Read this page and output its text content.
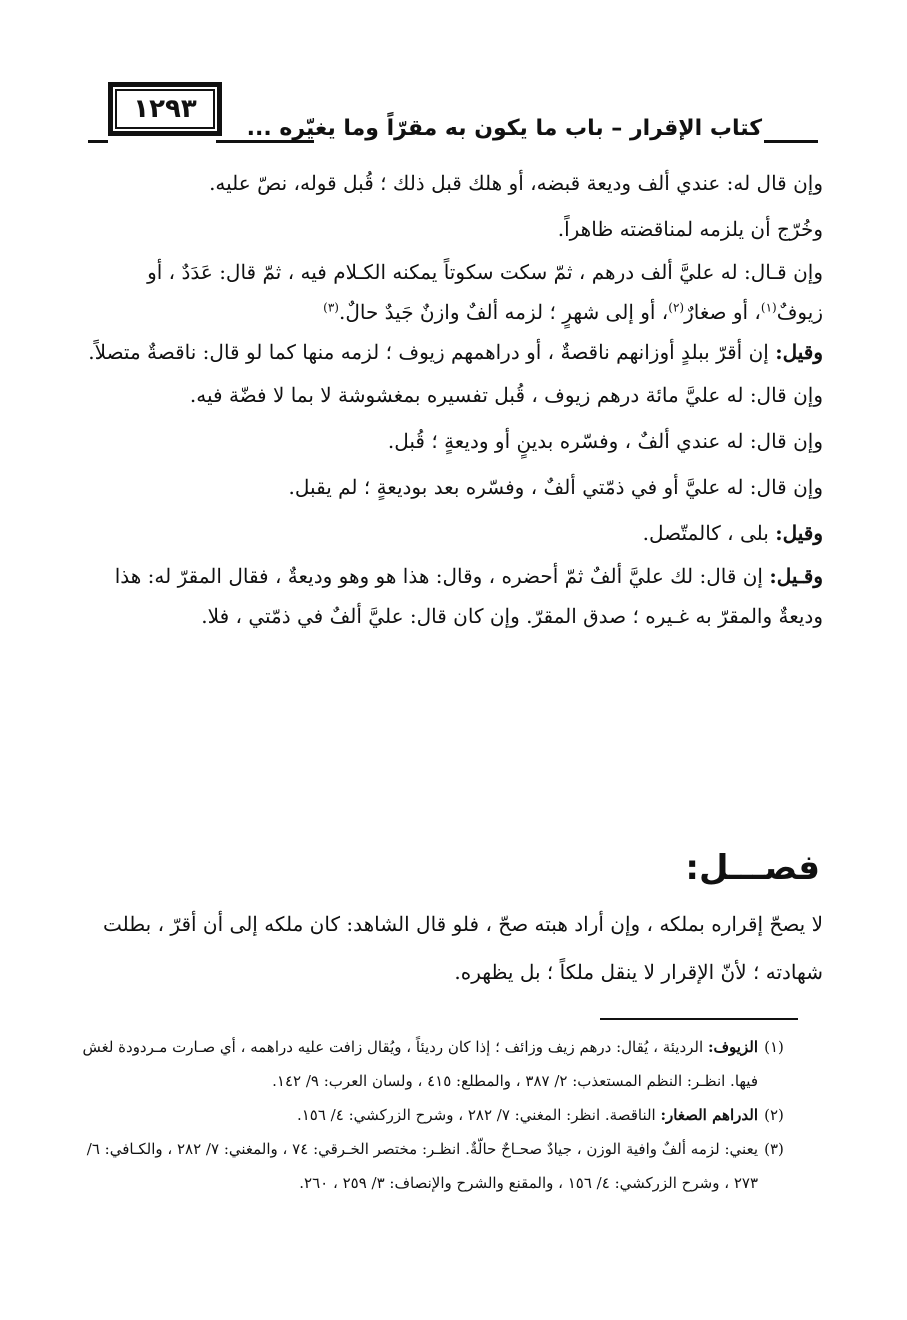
١٢٩٣
كتاب الإقرار – باب ما يكون به مقرّاً وما يغيّره ...

وإن قال له: عندي ألف وديعة قبضه، أو هلك قبل ذلك ؛ قُبل قوله، نصّ عليه.

وخُرّج أن يلزمه لمناقضته ظاهراً.

وإن قـال: له عليَّ ألف درهم ، ثمّ سكت سكوتاً يمكنه الكـلام فيه ، ثمّ قال: عَدَدٌ ، أو زيوفٌ$^{(١)}$، أو صغارٌ$^{(٢)}$، أو إلى شهرٍ ؛ لزمه ألفٌ وازنٌ جَيدٌ حالٌ.$^{(٣)}$

وقيل: إن أقرّ ببلدٍ أوزانهم ناقصةٌ ، أو دراهمهم زيوف ؛ لزمه منها كما لو قال: ناقصةٌ متصلاً.

وإن قال: له عليَّ مائة درهم زيوف ، قُبل تفسيره بمغشوشة لا بما لا فضّة فيه.

وإن قال: له عندي ألفٌ ، وفسّره بدينٍ أو وديعةٍ ؛ قُبل.

وإن قال: له عليَّ أو في ذمّتي ألفٌ ، وفسّره بعد بوديعةٍ ؛ لم يقبل.

وقيل: بلى ، كالمتّصل.

وقـيل: إن قال: لك عليَّ ألفٌ ثمّ أحضره ، وقال: هذا هو وهو وديعةٌ ، فقال المقرّ له: هذا وديعةٌ والمقرّ به غـيره ؛ صدق المقرّ. وإن كان قال: عليَّ ألفٌ في ذمّتي ، فلا.

فصـــل:
لا يصحّ إقراره بملكه ، وإن أراد هبته صحّ ، فلو قال الشاهد: كان ملكه إلى أن أقرّ ، بطلت شهادته ؛ لأنّ الإقرار لا ينقل ملكاً ؛ بل يظهره.

(١)
الزيوف: الرديئة ، يُقال: درهم زيف وزائف ؛ إذا كان رديئاً ، ويُقال زافت عليه دراهمه ، أي صـارت مـردودة لغش فيها. انظـر: النظم المستعذب: ٢/ ٣٨٧ ، والمطلع: ٤١٥ ، ولسان العرب: ٩/ ١٤٢.

(٢)
الدراهم الصغار: الناقصة. انظر: المغني: ٧/ ٢٨٢ ، وشرح الزركشي: ٤/ ١٥٦.

(٣)
يعني: لزمه ألفٌ وافية الوزن ، جيادٌ صحـاحٌ حالّةٌ. انظـر: مختصر الخـرقي: ٧٤ ، والمغني: ٧/ ٢٨٢ ، والكـافي: ٦/ ٢٧٣ ، وشرح الزركشي: ٤/ ١٥٦ ، والمقنع والشرح والإنصاف: ٣/ ٢٥٩ ، ٢٦٠.
